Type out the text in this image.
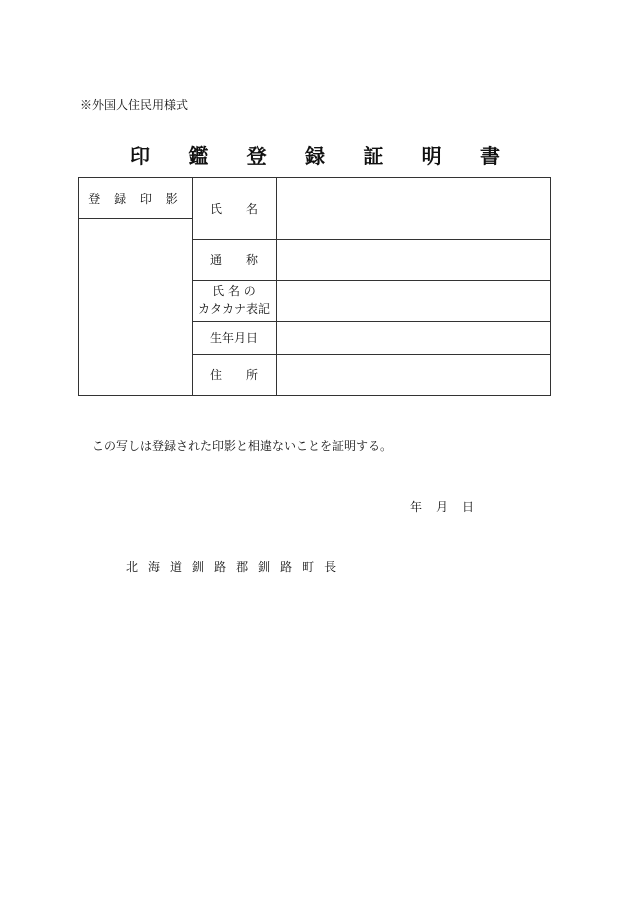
※外国人住民用様式
印 鑑 登 録 証 明 書
登 録 印 影
氏　　名
通　　称
氏 名 の
カタカナ表記
生年月日
住　　所
この写しは登録された印影と相違ないことを証明する。
年 月 日
北 海 道 釧 路 郡 釧 路 町 長
